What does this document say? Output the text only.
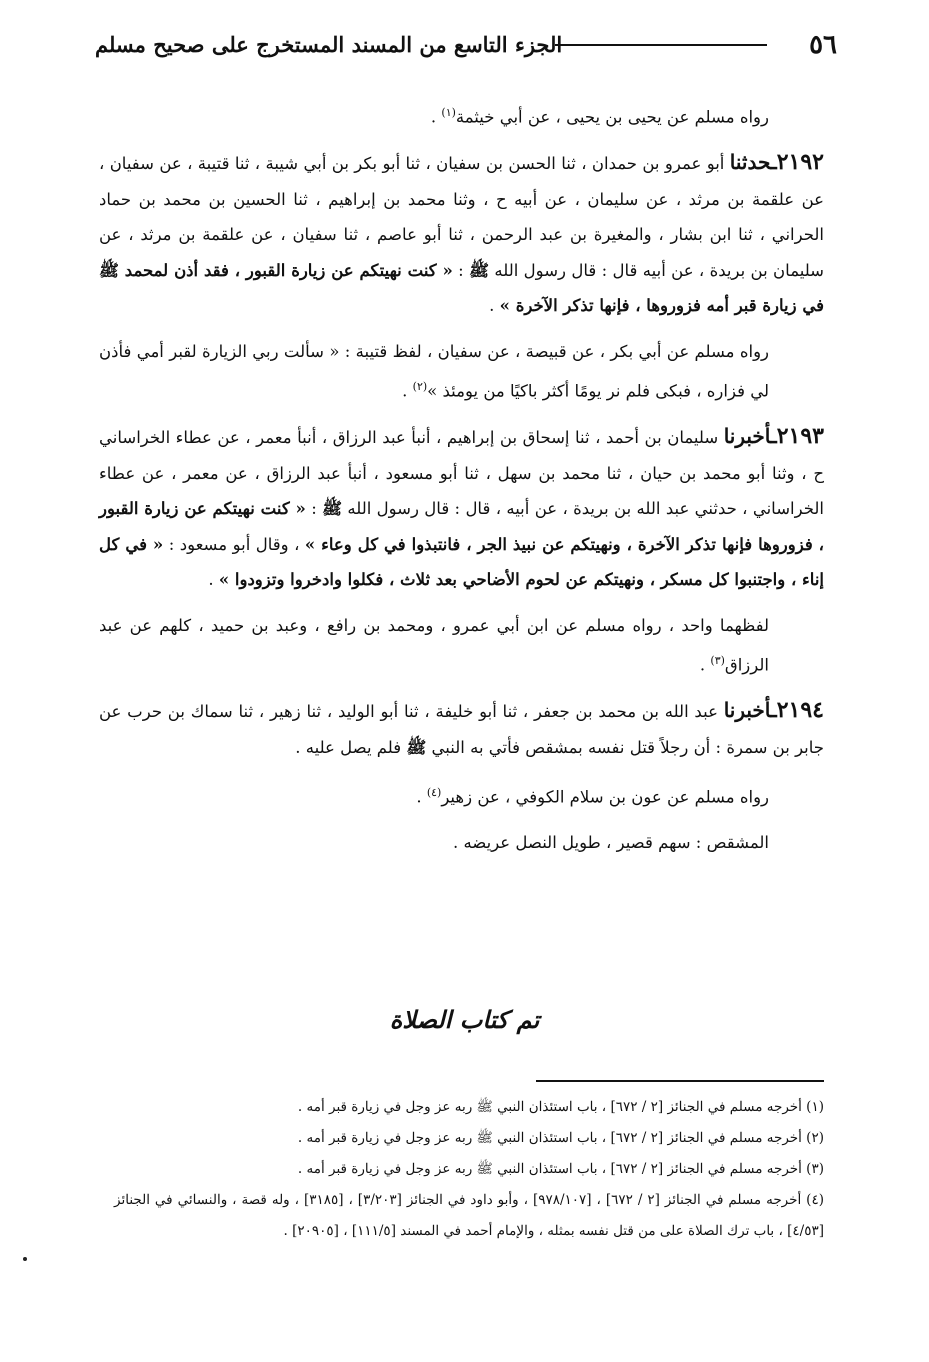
٥٦
الجزء التاسع من المسند المستخرج على صحيح مسلم

رواه مسلم عن يحيى بن يحيى ، عن أبي خيثمة$^{(١)}$ .

٢١٩٢ـحدثنا أبو عمرو بن حمدان ، ثنا الحسن بن سفيان ، ثنا أبو بكر بن أبي شيبة ، ثنا قتيبة ، عن سفيان ، عن علقمة بن مرثد ، عن سليمان ، عن أبيه ح ، وثنا محمد بن إبراهيم ، ثنا الحسين بن محمد بن حماد الحراني ، ثنا ابن بشار ، والمغيرة بن عبد الرحمن ، ثنا أبو عاصم ، ثنا سفيان ، عن علقمة بن مرثد ، عن سليمان بن بريدة ، عن أبيه قال : قال رسول الله ﷺ : « كنت نهيتكم عن زيارة القبور ، فقد أذن لمحمد ﷺ في زيارة قبر أمه فزوروها ، فإنها تذكر الآخرة » .

رواه مسلم عن أبي بكر ، عن قبيصة ، عن سفيان ، لفظ قتيبة : « سألت ربي الزيارة لقبر أمي فأذن لي فزاره ، فبكى فلم نر يومًا أكثر باكيًا من يومئذ »$^{(٢)}$ .

٢١٩٣ـأخبرنا سليمان بن أحمد ، ثنا إسحاق بن إبراهيم ، أنبأ عبد الرزاق ، أنبأ معمر ، عن عطاء الخراساني ح ، وثنا أبو محمد بن حيان ، ثنا محمد بن سهل ، ثنا أبو مسعود ، أنبأ عبد الرزاق ، عن معمر ، عن عطاء الخراساني ، حدثني عبد الله بن بريدة ، عن أبيه ، قال : قال رسول الله ﷺ : « كنت نهيتكم عن زيارة القبور ، فزوروها فإنها تذكر الآخرة ، ونهيتكم عن نبيذ الجر ، فانتبذوا في كل وعاء » ، وقال أبو مسعود : « في كل إناء ، واجتنبوا كل مسكر ، ونهيتكم عن لحوم الأضاحي بعد ثلاث ، فكلوا وادخروا وتزودوا » .

لفظهما واحد ، رواه مسلم عن ابن أبي عمرو ، ومحمد بن رافع ، وعبد بن حميد ، كلهم عن عبد الرزاق$^{(٣)}$ .

٢١٩٤ـأخبرنا عبد الله بن محمد بن جعفر ، ثنا أبو خليفة ، ثنا أبو الوليد ، ثنا زهير ، ثنا سماك بن حرب عن جابر بن سمرة : أن رجلاً قتل نفسه بمشقص فأتي به النبي ﷺ فلم يصل عليه .

رواه مسلم عن عون بن سلام الكوفي ، عن زهير$^{(٤)}$ .

المشقص : سهم قصير ، طويل النصل عريضه .

تم كتاب الصلاة
(١) أخرجه مسلم في الجنائز [٢ / ٦٧٢] ، باب استئذان النبي ﷺ ربه عز وجل في زيارة قبر أمه .
(٢) أخرجه مسلم في الجنائز [٢ / ٦٧٢] ، باب استئذان النبي ﷺ ربه عز وجل في زيارة قبر أمه .
(٣) أخرجه مسلم في الجنائز [٢ / ٦٧٢] ، باب استئذان النبي ﷺ ربه عز وجل في زيارة قبر أمه .
(٤) أخرجه مسلم في الجنائز [٢ / ٦٧٢] ، [٩٧٨/١٠٧] ، وأبو داود في الجنائز [٣/٢٠٣] ، [٣١٨٥] ، وله قصة ، والنسائي في الجنائز [٤/٥٣] ، باب ترك الصلاة على من قتل نفسه بمثله ، والإمام أحمد في المسند [١١١/٥] ، [٢٠٩٠٥] .
